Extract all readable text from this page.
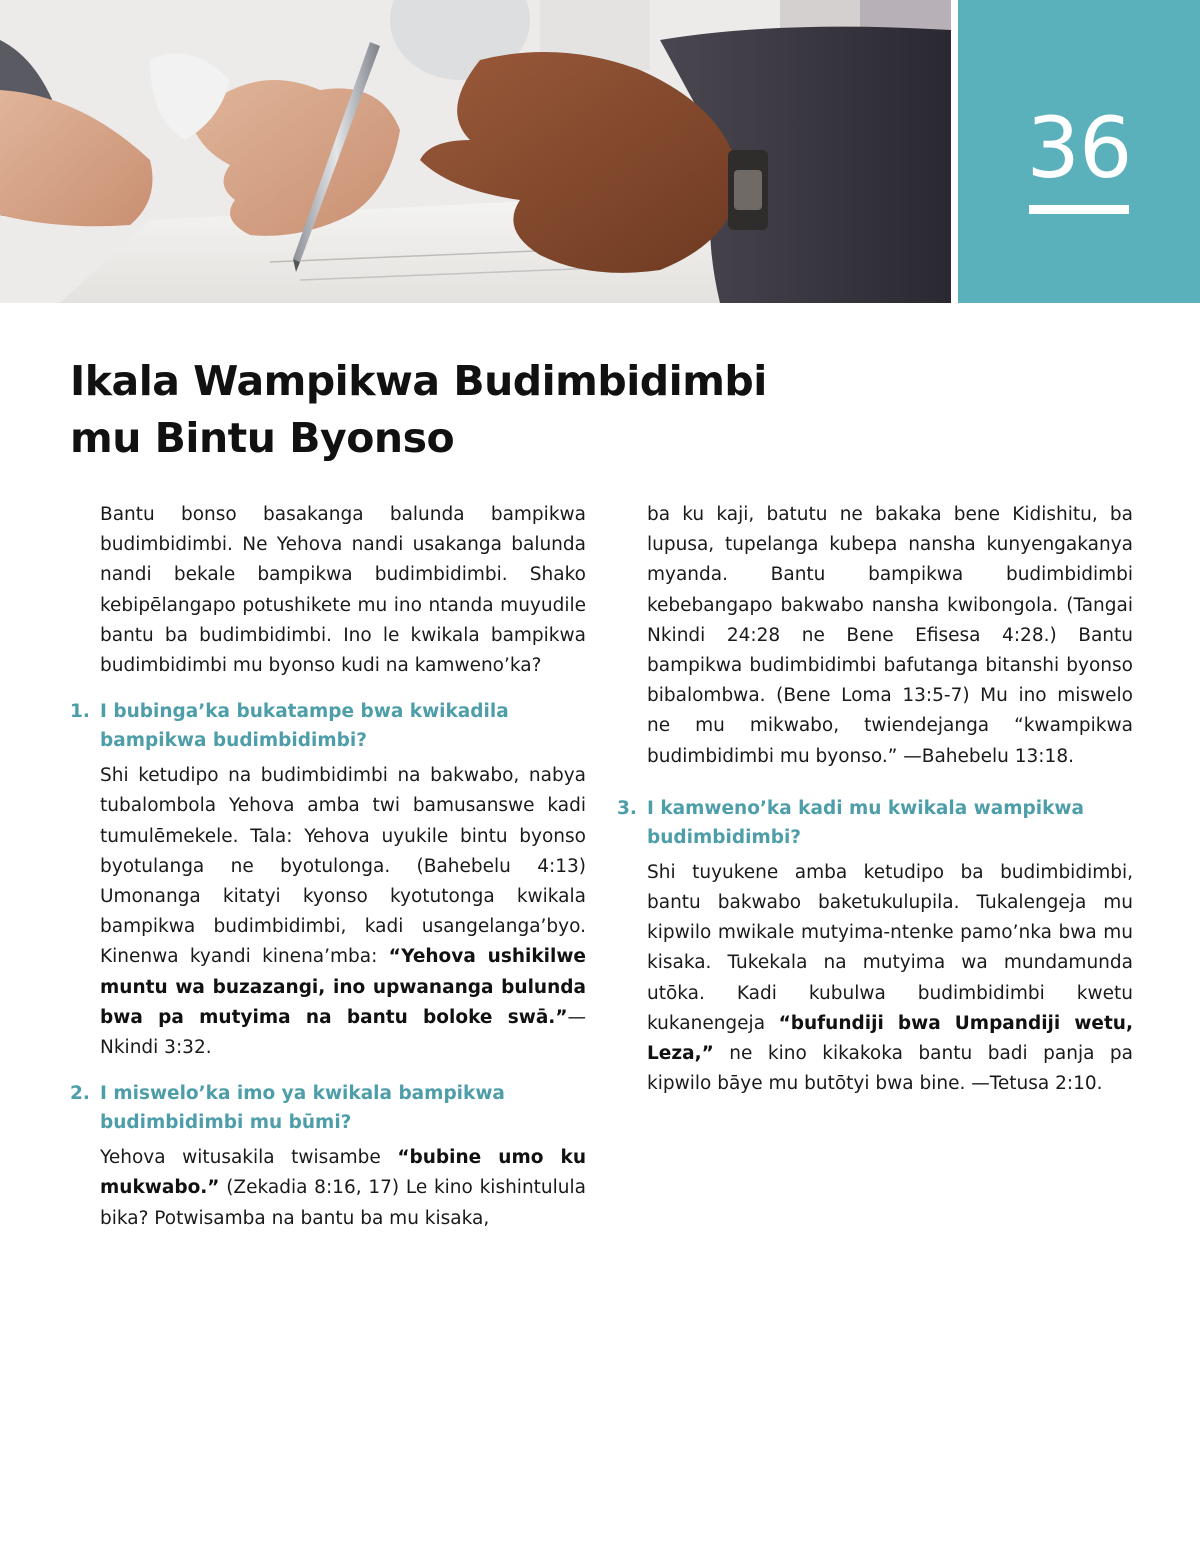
36
Ikala Wampikwa Budimbidimbi
mu Bintu Byonso

Bantu bonso basakanga balunda bampikwa budimbidimbi. Ne Yehova nandi usakanga balunda nandi bekale bampikwa budimbidimbi. Shako kebipēlangapo potushikete mu ino ntanda muyudile bantu ba budimbidimbi. Ino le kwikala bampikwa budimbidimbi mu byonso kudi na kamweno’ka?

1. I bubinga’ka bukatampe bwa kwikadila bampikwa budimbidimbi?

Shi ketudipo na budimbidimbi na bakwabo, nabya tubalombola Yehova amba twi bamusanswe kadi tumulēmekele. Tala: Yehova uyukile bintu byonso byotulanga ne byotulonga. (Bahebelu 4:13) Umonanga kitatyi kyonso kyotutonga kwikala bampikwa budimbidimbi, kadi usangelanga’byo. Kinenwa kyandi kinena’mba: “Yehova ushikilwe muntu wa buzazangi, ino upwananga bulunda bwa pa mutyima na bantu boloke swā.”—Nkindi 3:32.

2. I miswelo’ka imo ya kwikala bampikwa budimbidimbi mu būmi?

Yehova witusakila twisambe “bubine umo ku mukwabo.” (Zekadia 8:16, 17) Le kino kishintulula bika? Potwisamba na bantu ba mu kisaka,

ba ku kaji, batutu ne bakaka bene Kidishitu, ba lupusa, tupelanga kubepa nansha kunyengakanya myanda. Bantu bampikwa budimbidimbi kebebangapo bakwabo nansha kwibongola. (Tangai Nkindi 24:28 ne Bene Efisesa 4:28.) Bantu bampikwa budimbidimbi bafutanga bitanshi byonso bibalombwa. (Bene Loma 13:5-7) Mu ino miswelo ne mu mikwabo, twiendejanga “kwampikwa budimbidimbi mu byonso.” —Bahebelu 13:18.

3. I kamweno’ka kadi mu kwikala wampikwa budimbidimbi?

Shi tuyukene amba ketudipo ba budimbidimbi, bantu bakwabo baketukulupila. Tukalengeja mu kipwilo mwikale mutyima-ntenke pamo’nka bwa mu kisaka. Tukekala na mutyima wa mundamunda utōka. Kadi kubulwa budimbidimbi kwetu kukanengeja “bufundiji bwa Umpandiji wetu, Leza,” ne kino kikakoka bantu badi panja pa kipwilo bāye mu butōtyi bwa bine. —Tetusa 2:10.
